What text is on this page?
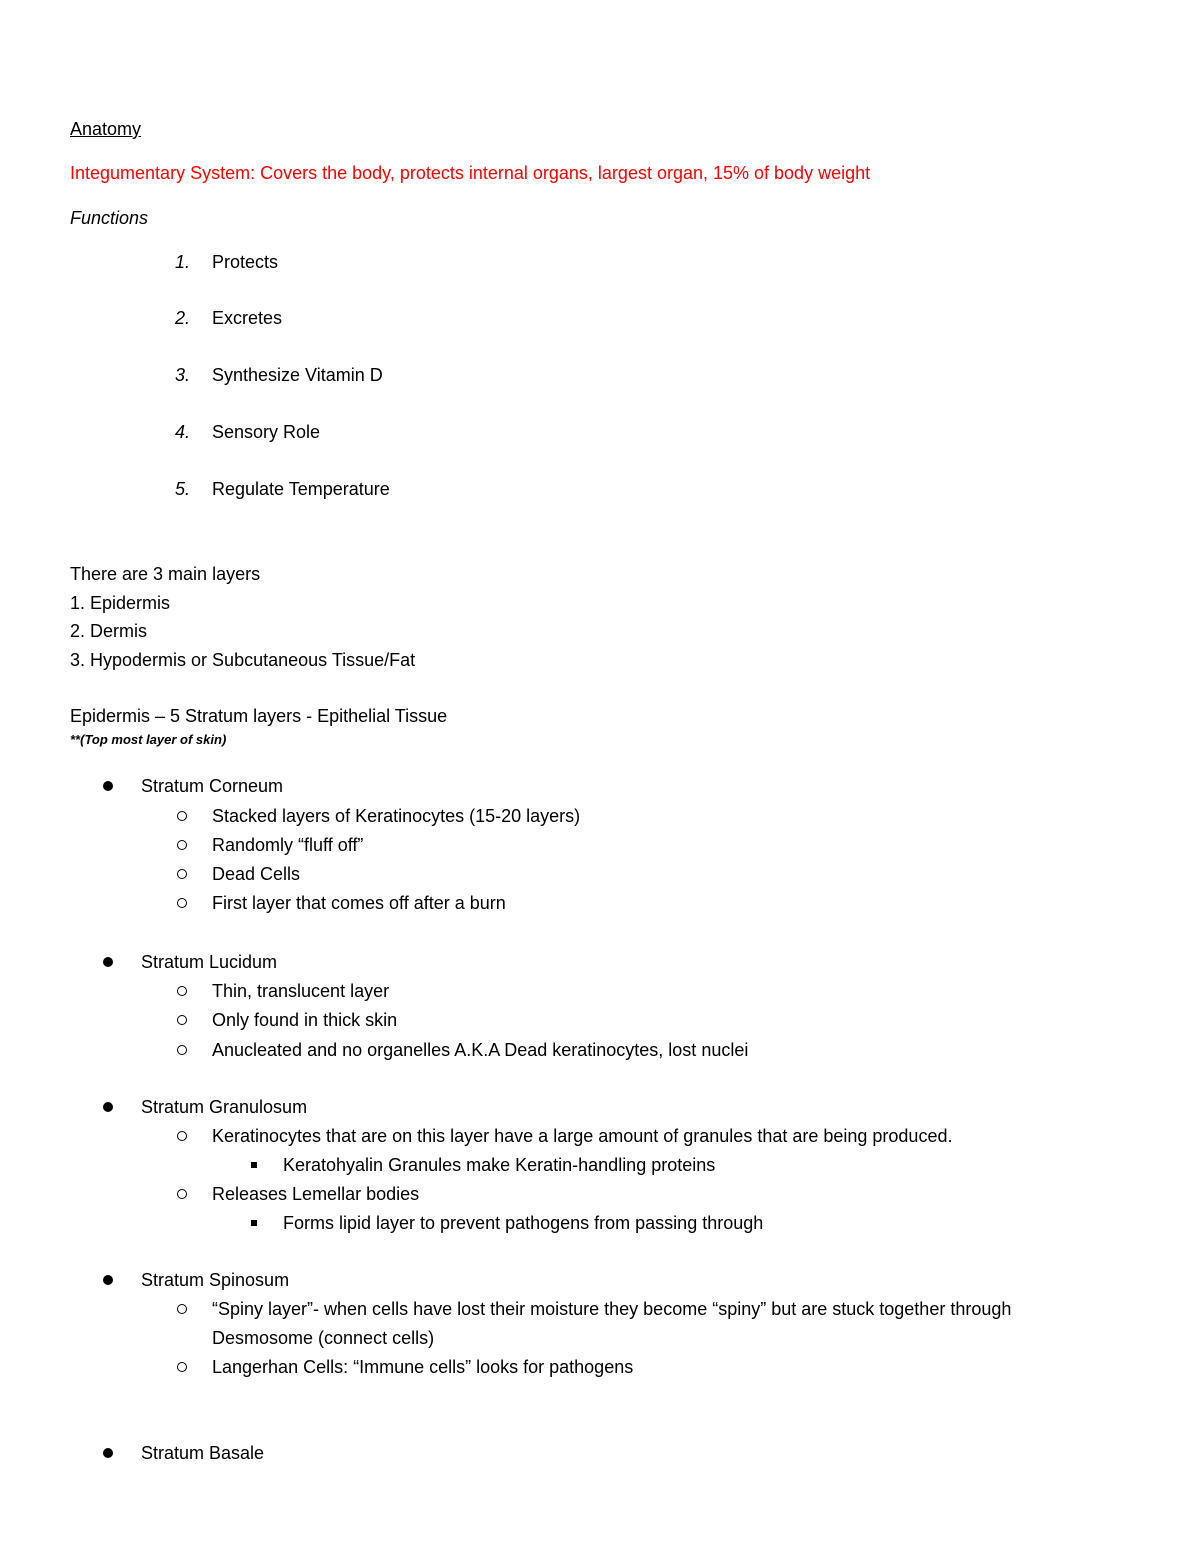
Anatomy
Integumentary System: Covers the body, protects internal organs, largest organ, 15% of body weight
Functions
1.	Protects
2.	Excretes
3.	Synthesize Vitamin D
4.	Sensory Role
5.	Regulate Temperature
There are 3 main layers
1. Epidermis
2. Dermis
3. Hypodermis or Subcutaneous Tissue/Fat
Epidermis – 5 Stratum layers - Epithelial Tissue
**(Top most layer of skin)
Stratum Corneum
Stacked layers of Keratinocytes (15-20 layers)
Randomly “fluff off”
Dead Cells
First layer that comes off after a burn
Stratum Lucidum
Thin, translucent layer
Only found in thick skin
Anucleated and no organelles A.K.A Dead keratinocytes, lost nuclei
Stratum Granulosum
Keratinocytes that are on this layer have a large amount of granules that are being produced.
Keratohyalin Granules make Keratin-handling proteins
Releases Lemellar bodies
Forms lipid layer to prevent pathogens from passing through
Stratum Spinosum
“Spiny layer”- when cells have lost their moisture they become “spiny” but are stuck together through
Desmosome (connect cells)
Langerhan Cells: “Immune cells” looks for pathogens
Stratum Basale
